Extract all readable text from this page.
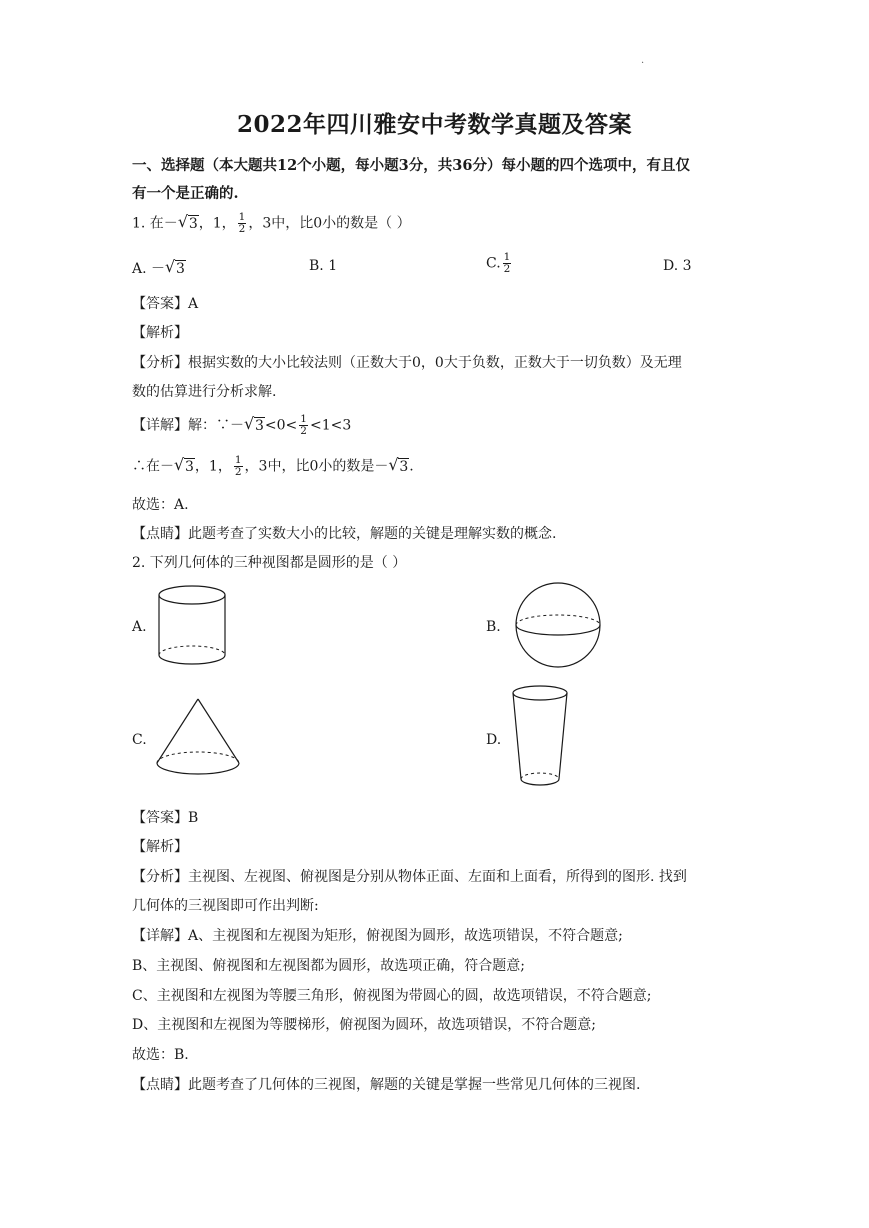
·
2022年四川雅安中考数学真题及答案
一、选择题（本大题共12个小题，每小题3分，共36分）每小题的四个选项中，有且仅
有一个是正确的.
1. 在－ √ 3，1， $\frac{1}{2}$ ，3中，比0小的数是（ ）
A. － √ 3	B. 1	C. $\frac{1}{2}$	D. 3
【答案】A
【解析】
【分析】根据实数的大小比较法则（正数大于0，0大于负数，正数大于一切负数）及无理
数的估算进行分析求解.
【详解】解：∵－ √ $3<0< \frac{1}{2} <1<3$
∴在－ √ 3，1， $\frac{1}{2}$ ，3中，比0小的数是－ √ 3.
故选：A.
【点睛】此题考查了实数大小的比较，解题的关键是理解实数的概念.
2. 下列几何体的三种视图都是圆形的是（ ）
A.	B.
C.	D.
【答案】B
【解析】
【分析】主视图、左视图、俯视图是分别从物体正面、左面和上面看，所得到的图形. 找到
几何体的三视图即可作出判断:
【详解】A、主视图和左视图为矩形，俯视图为圆形，故选项错误，不符合题意;
B、主视图、俯视图和左视图都为圆形，故选项正确，符合题意;
C、主视图和左视图为等腰三角形，俯视图为带圆心的圆，故选项错误，不符合题意;
D、主视图和左视图为等腰梯形，俯视图为圆环，故选项错误，不符合题意;
故选：B.
【点睛】此题考查了几何体的三视图，解题的关键是掌握一些常见几何体的三视图.
